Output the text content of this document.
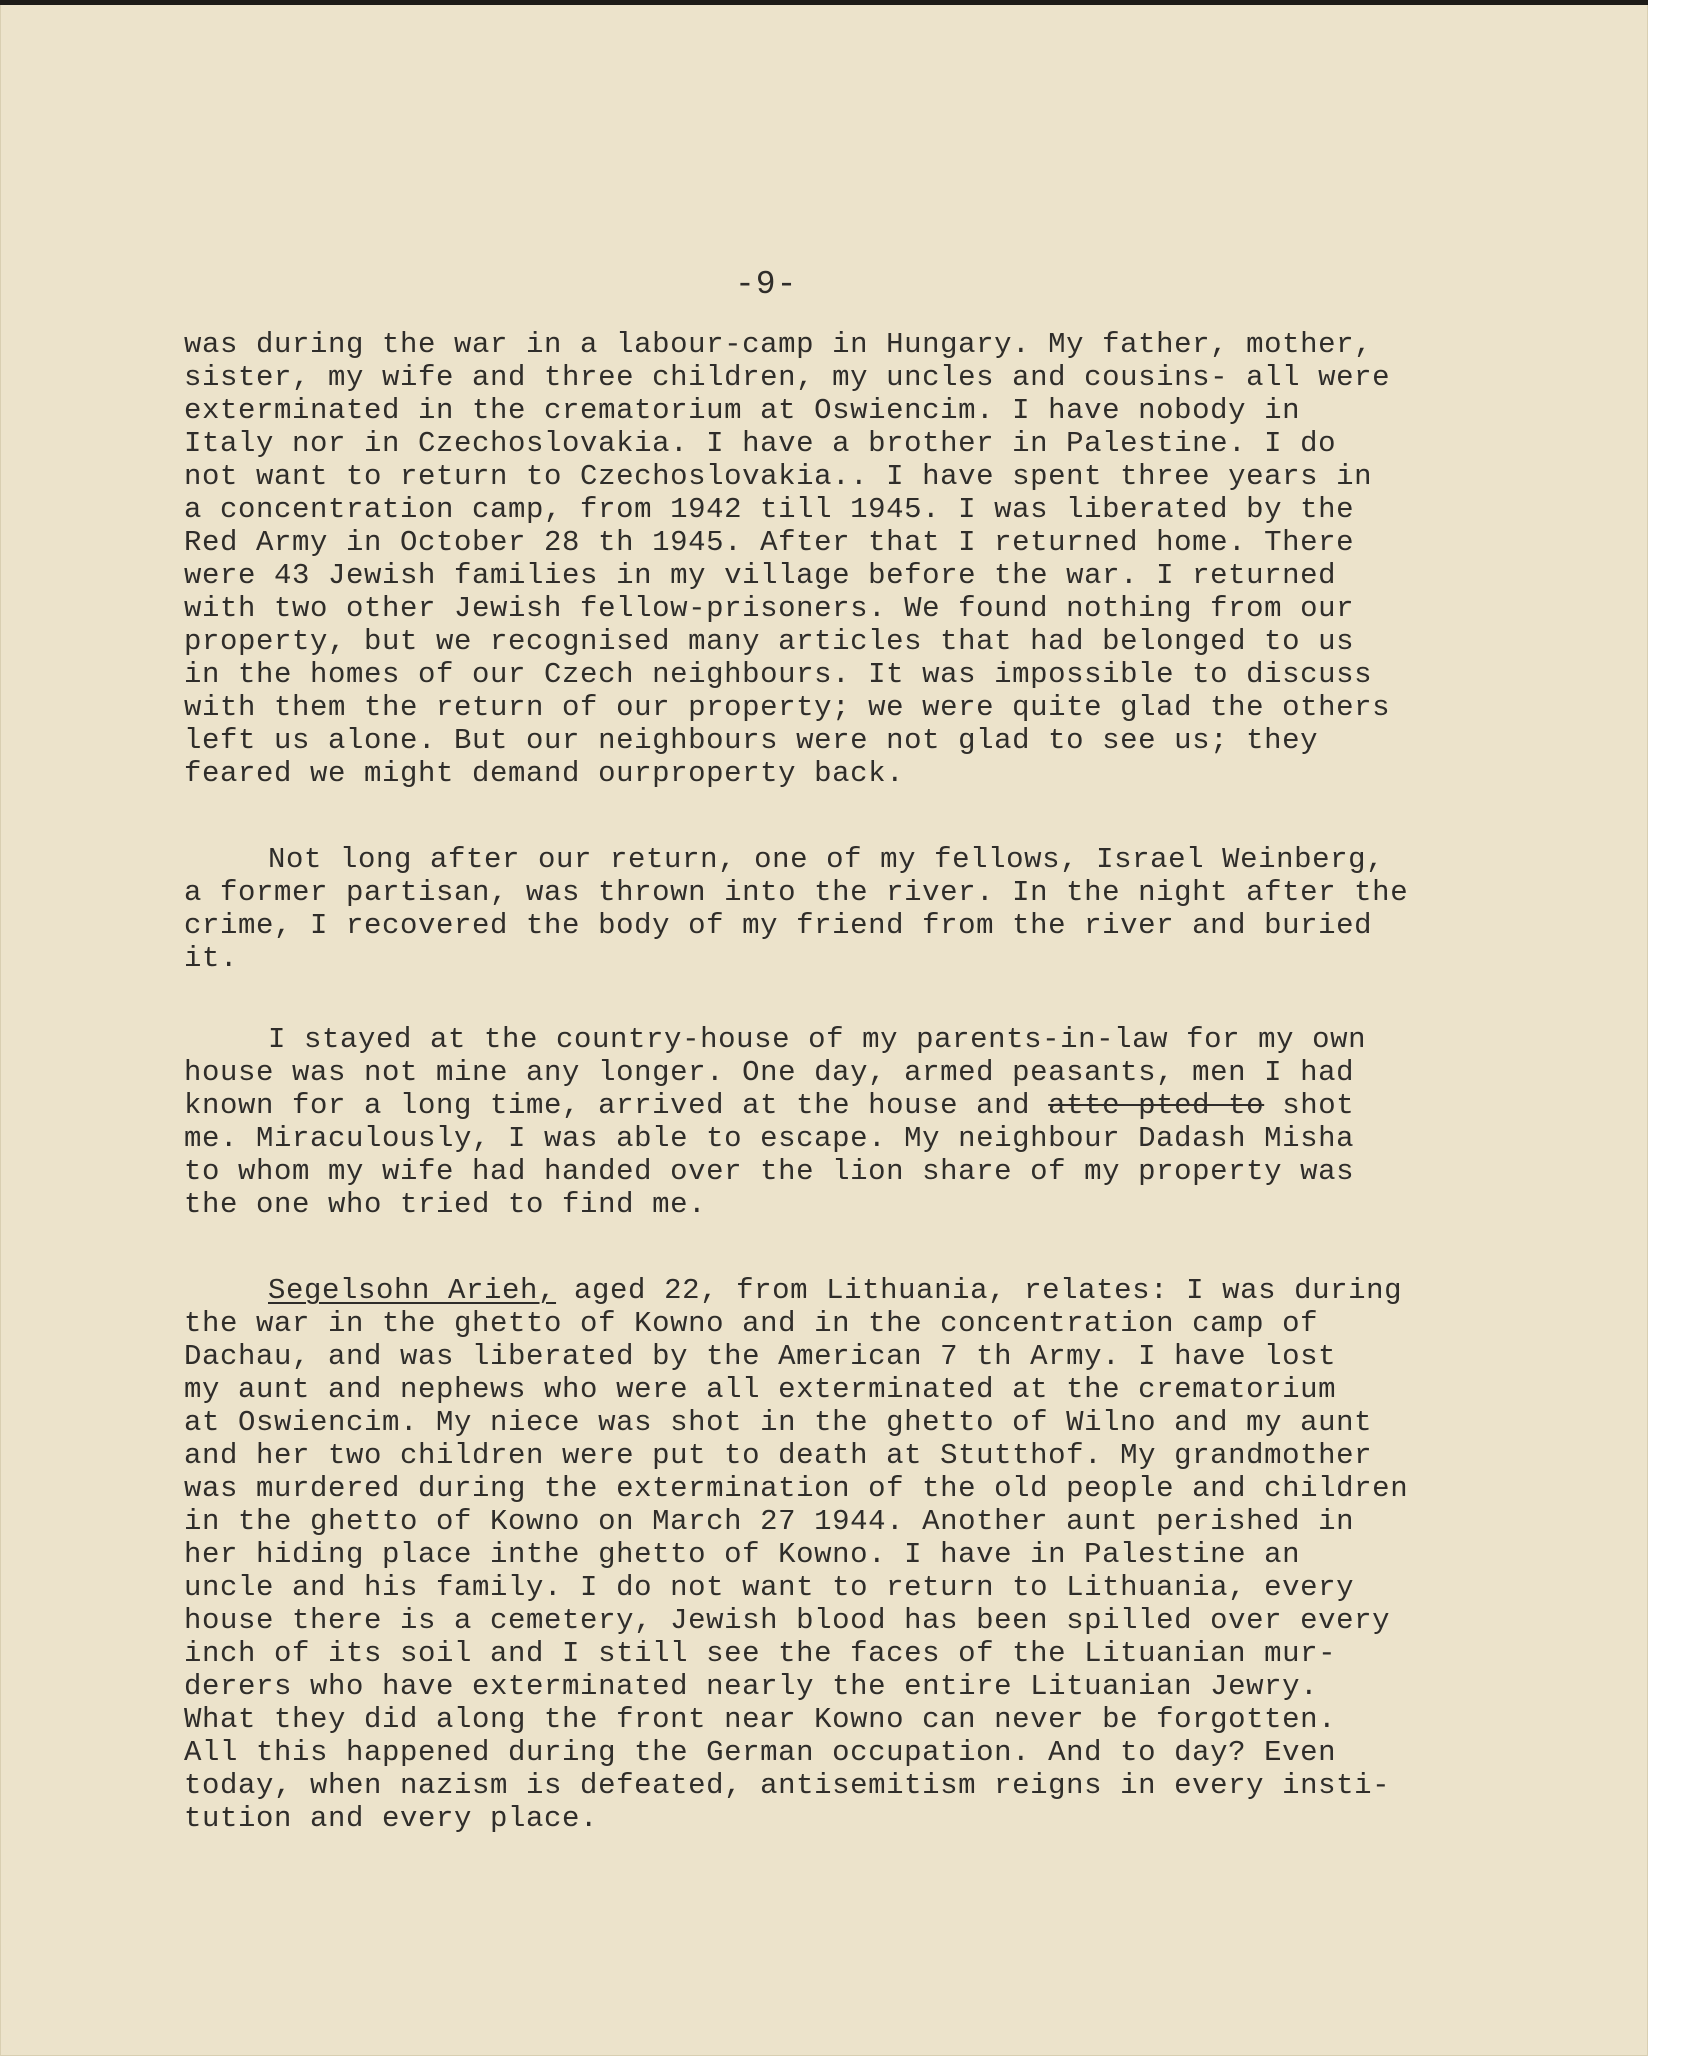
-9-

was during the war in a labour-camp in Hungary. My father, mother,
sister, my wife and three children, my uncles and cousins- all were
exterminated in the crematorium at Oswiencim. I have nobody in
Italy nor in Czechoslovakia. I have a brother in Palestine. I do
not want to return to Czechoslovakia.. I have spent three years in
a concentration camp, from 1942 till 1945. I was liberated by the
Red Army in October 28 th 1945. After that I returned home. There
were 43 Jewish families in my village before the war. I returned
with two other Jewish fellow-prisoners. We found nothing from our
property, but we recognised many articles that had belonged to us
in the homes of our Czech neighbours. It was impossible to discuss
with them the return of our property; we were quite glad the others
left us alone. But our neighbours were not glad to see us; they
feared we might demand ourproperty back.

Not long after our return, one of my fellows, Israel Weinberg,
a former partisan, was thrown into the river. In the night after the
crime, I recovered the body of my friend from the river and buried
it.

I stayed at the country-house of my parents-in-law for my own
house was not mine any longer. One day, armed peasants, men I had
known for a long time, arrived at the house and atte pted to shot
me. Miraculously, I was able to escape. My neighbour Dadash Misha
to whom my wife had handed over the lion share of my property was
the one who tried to find me.

Segelsohn Arieh, aged 22, from Lithuania, relates: I was during
the war in the ghetto of Kowno and in the concentration camp of
Dachau, and was liberated by the American 7 th Army. I have lost
my aunt and nephews who were all exterminated at the crematorium
at Oswiencim. My niece was shot in the ghetto of Wilno and my aunt
and her two children were put to death at Stutthof. My grandmother
was murdered during the extermination of the old people and children
in the ghetto of Kowno on March 27 1944. Another aunt perished in
her hiding place inthe ghetto of Kowno. I have in Palestine an
uncle and his family. I do not want to return to Lithuania, every
house there is a cemetery, Jewish blood has been spilled over every
inch of its soil and I still see the faces of the Lituanian mur-
derers who have exterminated nearly the entire Lituanian Jewry.
What they did along the front near Kowno can never be forgotten.
All this happened during the German occupation. And to day? Even
today, when nazism is defeated, antisemitism reigns in every insti-
tution and every place.
